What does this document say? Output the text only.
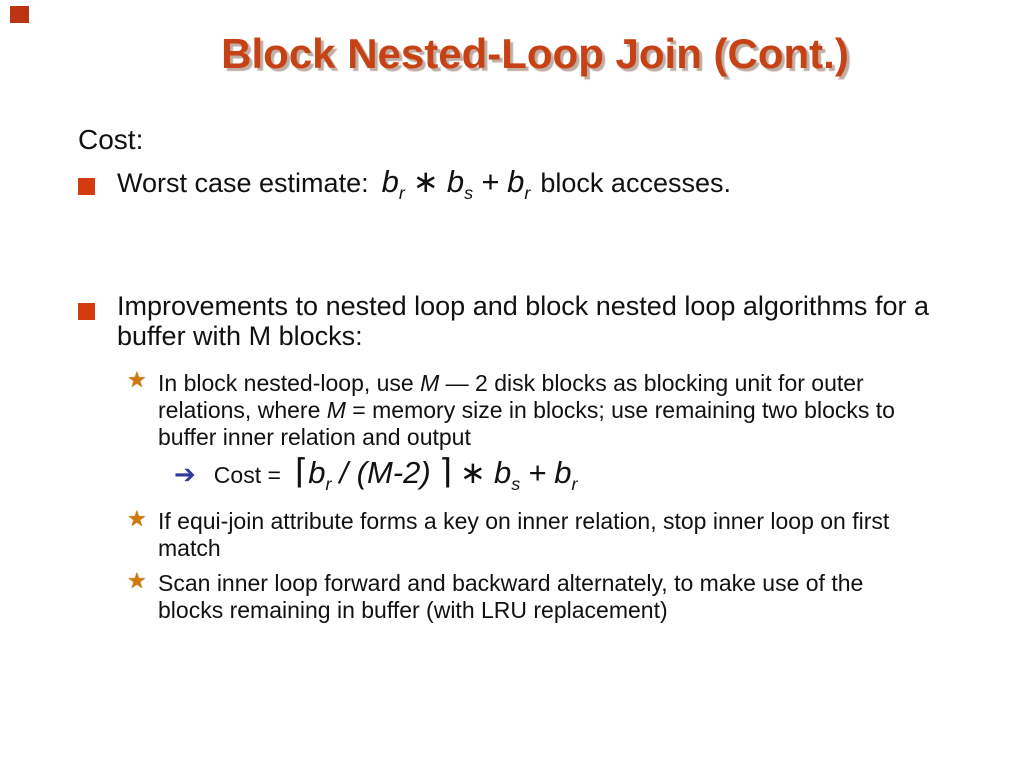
Block Nested-Loop Join (Cont.)
Cost:
Worst case estimate: $b_r$ ∗ $b_s + b_r$ block accesses.
Improvements to nested loop and block nested loop algorithms for a
buffer with M blocks:
★ In block nested-loop, use M — 2 disk blocks as blocking unit for outer
relations, where M = memory size in blocks; use remaining two blocks to
buffer inner relation and output
➔ Cost = $⌈b_r / (M-2)$ ⌉ ∗ $b_s + b_r$
★ If equi-join attribute forms a key on inner relation, stop inner loop on first
match
★ Scan inner loop forward and backward alternately, to make use of the
blocks remaining in buffer (with LRU replacement)
